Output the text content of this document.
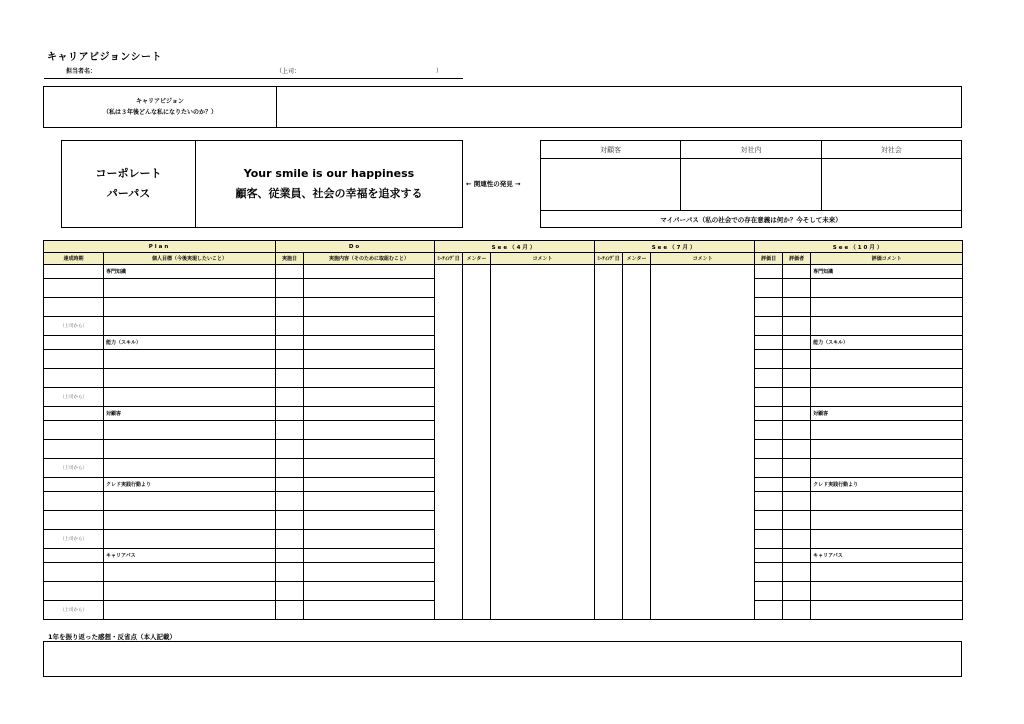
キャリアビジョンシート
担当者名：	（上司：	）
キャリアビジョン
（私は３年後どんな私になりたいのか？）
コーポレート
パーパス
Your smile is our happiness
顧客、従業員、社会の幸福を追求する
← 関連性の発見 →
対顧客	対社内	対社会

マイパーパス（私の社会での存在意義は何か？今そして未来）		
Plan		Do		See（4月）			See（7月）			See（10月）		
達成時期	個人目標（今後実現したいこと）	実施日	実施内容（そのために取組むこと）	ﾐｰﾃｨﾝｸﾞ日	メンター	コメント	ﾐｰﾃｨﾝｸﾞ日	メンター	コメント	評価日	評価者	評価コメント
	専門知識											専門知識

（上司から）												
	能力（スキル）											能力（スキル）

（上司から）												
	対顧客											対顧客

（上司から）												
	クレド実践行動より											クレド実践行動より

（上司から）												
	キャリアパス											キャリアパス

（上司から）												
1年を振り返った感想・反省点（本人記載）
